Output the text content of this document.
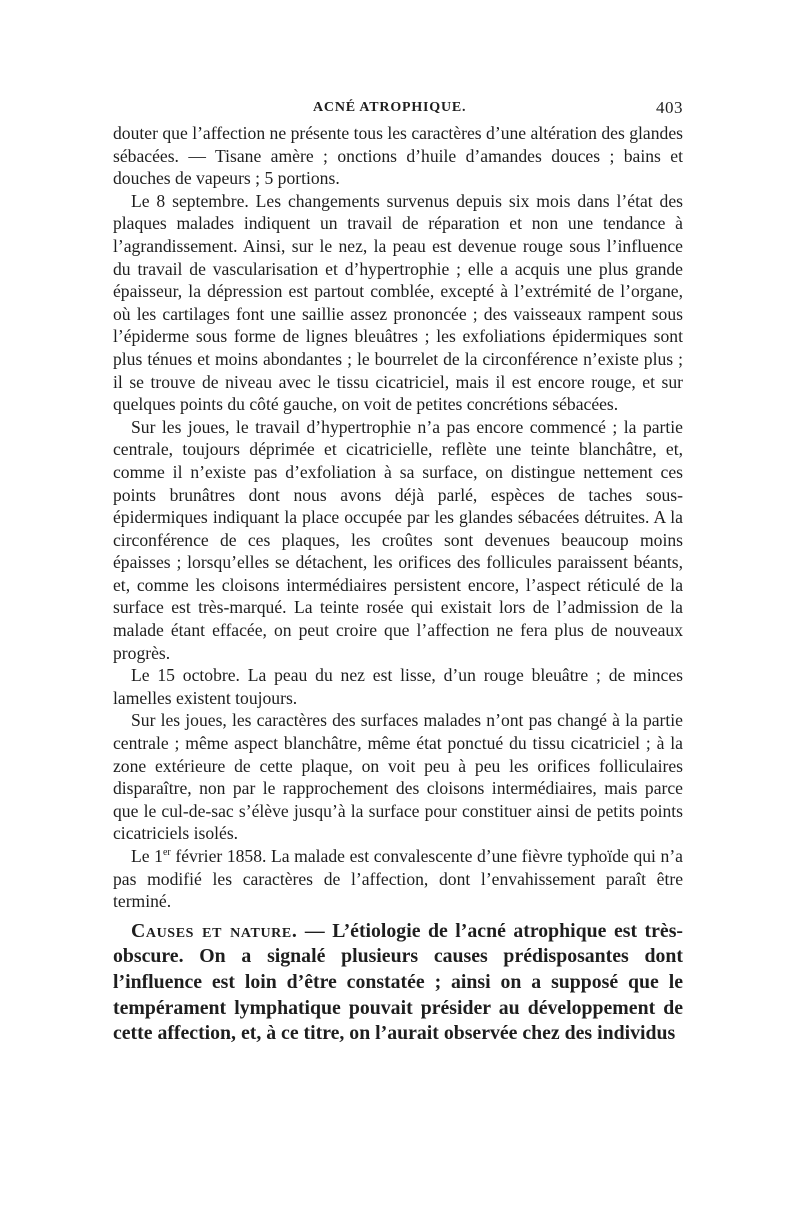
ACNÉ ATROPHIQUE.	403

douter que l’affection ne présente tous les caractères d’une altération des glandes sébacées. — Tisane amère ; onctions d’huile d’amandes douces ; bains et douches de vapeurs ; 5 portions.

Le 8 septembre. Les changements survenus depuis six mois dans l’état des plaques malades indiquent un travail de réparation et non une tendance à l’agrandissement. Ainsi, sur le nez, la peau est devenue rouge sous l’influence du travail de vascularisation et d’hypertrophie ; elle a acquis une plus grande épaisseur, la dépression est partout comblée, excepté à l’extrémité de l’organe, où les cartilages font une saillie assez prononcée ; des vaisseaux rampent sous l’épiderme sous forme de lignes bleuâtres ; les exfoliations épidermiques sont plus ténues et moins abondantes ; le bourrelet de la circonférence n’existe plus ; il se trouve de niveau avec le tissu cicatriciel, mais il est encore rouge, et sur quelques points du côté gauche, on voit de petites concrétions sébacées.

Sur les joues, le travail d’hypertrophie n’a pas encore commencé ; la partie centrale, toujours déprimée et cicatricielle, reflète une teinte blanchâtre, et, comme il n’existe pas d’exfoliation à sa surface, on distingue nettement ces points brunâtres dont nous avons déjà parlé, espèces de taches sous-épidermiques indiquant la place occupée par les glandes sébacées détruites. A la circonférence de ces plaques, les croûtes sont devenues beaucoup moins épaisses ; lorsqu’elles se détachent, les orifices des follicules paraissent béants, et, comme les cloisons intermédiaires persistent encore, l’aspect réticulé de la surface est très-marqué. La teinte rosée qui existait lors de l’admission de la malade étant effacée, on peut croire que l’affection ne fera plus de nouveaux progrès.

Le 15 octobre. La peau du nez est lisse, d’un rouge bleuâtre ; de minces lamelles existent toujours.

Sur les joues, les caractères des surfaces malades n’ont pas changé à la partie centrale ; même aspect blanchâtre, même état ponctué du tissu cicatriciel ; à la zone extérieure de cette plaque, on voit peu à peu les orifices folliculaires disparaître, non par le rapprochement des cloisons intermédiaires, mais parce que le cul-de-sac s’élève jusqu’à la surface pour constituer ainsi de petits points cicatriciels isolés.

Le 1er février 1858. La malade est convalescente d’une fièvre typhoïde qui n’a pas modifié les caractères de l’affection, dont l’envahissement paraît être terminé.

Causes et nature. — L’étiologie de l’acné atrophique est très-obscure. On a signalé plusieurs causes prédisposantes dont l’influence est loin d’être constatée ; ainsi on a supposé que le tempérament lymphatique pouvait présider au développement de cette affection, et, à ce titre, on l’aurait observée chez des individus
